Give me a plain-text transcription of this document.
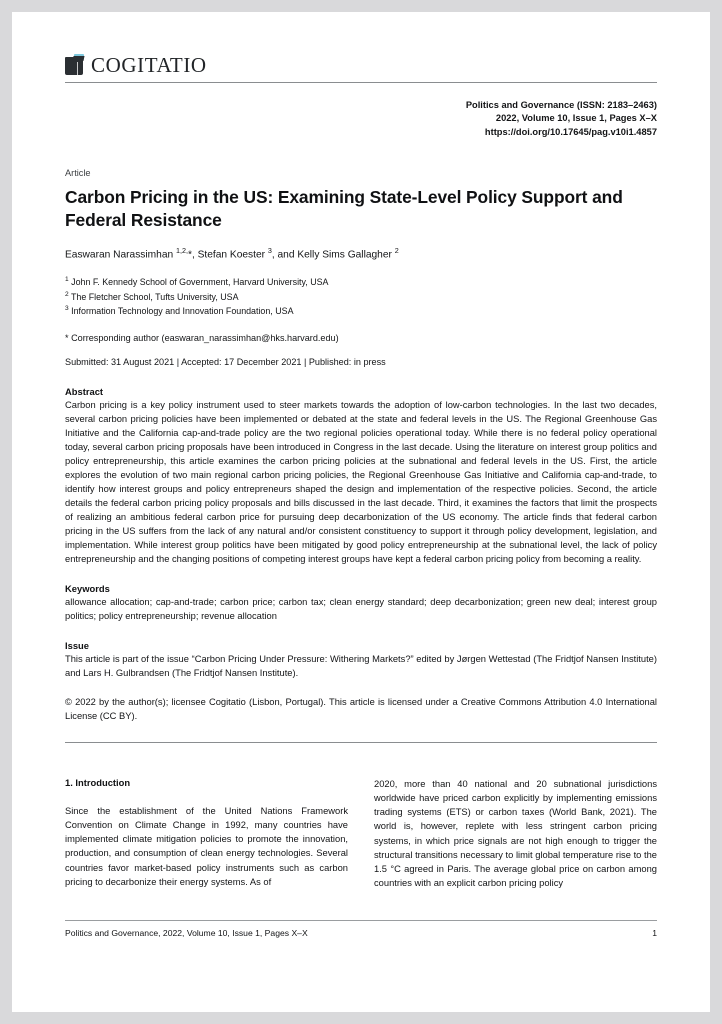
COGITATIO
Politics and Governance (ISSN: 2183–2463)
2022, Volume 10, Issue 1, Pages X–X
https://doi.org/10.17645/pag.v10i1.4857
Article
Carbon Pricing in the US: Examining State-Level Policy Support and Federal Resistance
Easwaran Narassimhan $^{1,2,}$*, Stefan Koester $^3$, and Kelly Sims Gallagher $^2$
$^1$ John F. Kennedy School of Government, Harvard University, USA
$^2$ The Fletcher School, Tufts University, USA
$^3$ Information Technology and Innovation Foundation, USA
* Corresponding author (easwaran_narassimhan@hks.harvard.edu)
Submitted: 31 August 2021 | Accepted: 17 December 2021 | Published: in press
Abstract
Carbon pricing is a key policy instrument used to steer markets towards the adoption of low-carbon technologies. In the last two decades, several carbon pricing policies have been implemented or debated at the state and federal levels in the US. The Regional Greenhouse Gas Initiative and the California cap-and-trade policy are the two regional policies operational today. While there is no federal policy operational today, several carbon pricing proposals have been introduced in Congress in the last decade. Using the literature on interest group politics and policy entrepreneurship, this article examines the carbon pricing policies at the subnational and federal levels in the US. First, the article explores the evolution of two main regional carbon pricing policies, the Regional Greenhouse Gas Initiative and California cap-and-trade, to identify how interest groups and policy entrepreneurs shaped the design and implementation of the respective policies. Second, the article details the federal carbon pricing policy proposals and bills discussed in the last decade. Third, it examines the factors that limit the prospects of realizing an ambitious federal carbon price for pursuing deep decarbonization of the US economy. The article finds that federal carbon pricing in the US suffers from the lack of any natural and/or consistent constituency to support it through policy development, legislation, and implementation. While interest group politics have been mitigated by good policy entrepreneurship at the subnational level, the lack of policy entrepreneurship and the changing positions of competing interest groups have kept a federal carbon pricing policy from becoming a reality.
Keywords
allowance allocation; cap-and-trade; carbon price; carbon tax; clean energy standard; deep decarbonization; green new deal; interest group politics; policy entrepreneurship; revenue allocation
Issue
This article is part of the issue “Carbon Pricing Under Pressure: Withering Markets?” edited by Jørgen Wettestad (The Fridtjof Nansen Institute) and Lars H. Gulbrandsen (The Fridtjof Nansen Institute).
© 2022 by the author(s); licensee Cogitatio (Lisbon, Portugal). This article is licensed under a Creative Commons Attribution 4.0 International License (CC BY).
1. Introduction

Since the establishment of the United Nations Framework Convention on Climate Change in 1992, many countries have implemented climate mitigation policies to promote the innovation, production, and consumption of clean energy technologies. Several countries favor market-based policy instruments such as carbon pricing to decarbonize their energy systems. As of

2020, more than 40 national and 20 subnational jurisdictions worldwide have priced carbon explicitly by implementing emissions trading systems (ETS) or carbon taxes (World Bank, 2021). The world is, however, replete with less stringent carbon pricing systems, in which price signals are not high enough to trigger the structural transitions necessary to limit global temperature rise to the 1.5 °C agreed in Paris. The average global price on carbon among countries with an explicit carbon pricing policy

Politics and Governance, 2022, Volume 10, Issue 1, Pages X–X	1
